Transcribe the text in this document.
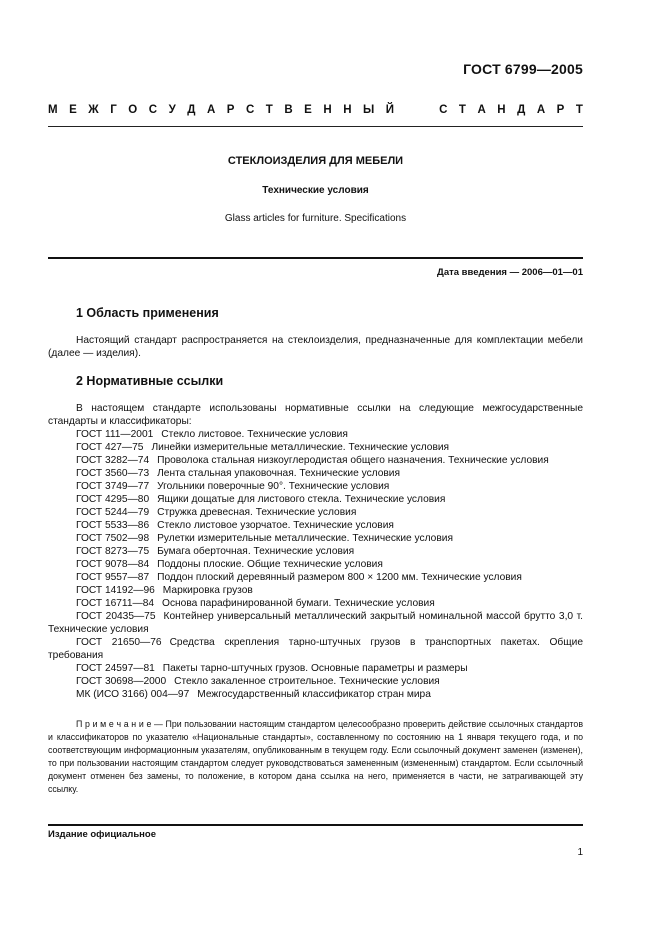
ГОСТ 6799—2005
М Е Ж Г О С У Д А Р С Т В Е Н Н Ы Й	С Т А Н Д А Р Т
СТЕКЛОИЗДЕЛИЯ ДЛЯ МЕБЕЛИ
Технические условия
Glass articles for furniture. Specifications
Дата введения — 2006—01—01
1 Область применения
Настоящий стандарт распространяется на стеклоизделия, предназначенные для комплектации мебели (далее — изделия).
2 Нормативные ссылки
В настоящем стандарте использованы нормативные ссылки на следующие межгосударственные стандарты и классификаторы:
ГОСТ 111—2001 Стекло листовое. Технические условия
ГОСТ 427—75 Линейки измерительные металлические. Технические условия
ГОСТ 3282—74 Проволока стальная низкоуглеродистая общего назначения. Технические условия
ГОСТ 3560—73 Лента стальная упаковочная. Технические условия
ГОСТ 3749—77 Угольники поверочные 90°. Технические условия
ГОСТ 4295—80 Ящики дощатые для листового стекла. Технические условия
ГОСТ 5244—79 Стружка древесная. Технические условия
ГОСТ 5533—86 Стекло листовое узорчатое. Технические условия
ГОСТ 7502—98 Рулетки измерительные металлические. Технические условия
ГОСТ 8273—75 Бумага оберточная. Технические условия
ГОСТ 9078—84 Поддоны плоские. Общие технические условия
ГОСТ 9557—87 Поддон плоский деревянный размером 800 × 1200 мм. Технические условия
ГОСТ 14192—96 Маркировка грузов
ГОСТ 16711—84 Основа парафинированной бумаги. Технические условия
ГОСТ 20435—75 Контейнер универсальный металлический закрытый номинальной массой брутто 3,0 т. Технические условия
ГОСТ 21650—76 Средства скрепления тарно-штучных грузов в транспортных пакетах. Общие требования
ГОСТ 24597—81 Пакеты тарно-штучных грузов. Основные параметры и размеры
ГОСТ 30698—2000 Стекло закаленное строительное. Технические условия
МК (ИСО 3166) 004—97 Межгосударственный классификатор стран мира
П р и м е ч а н и е — При пользовании настоящим стандартом целесообразно проверить действие ссылочных стандартов и классификаторов по указателю «Национальные стандарты», составленному по состоянию на 1 января текущего года, и по соответствующим информационным указателям, опубликованным в текущем году. Если ссылочный документ заменен (изменен), то при пользовании настоящим стандартом следует руководствоваться замененным (измененным) стандартом. Если ссылочный документ отменен без замены, то положение, в котором дана ссылка на него, применяется в части, не затрагивающей эту ссылку.
Издание официальное
1
